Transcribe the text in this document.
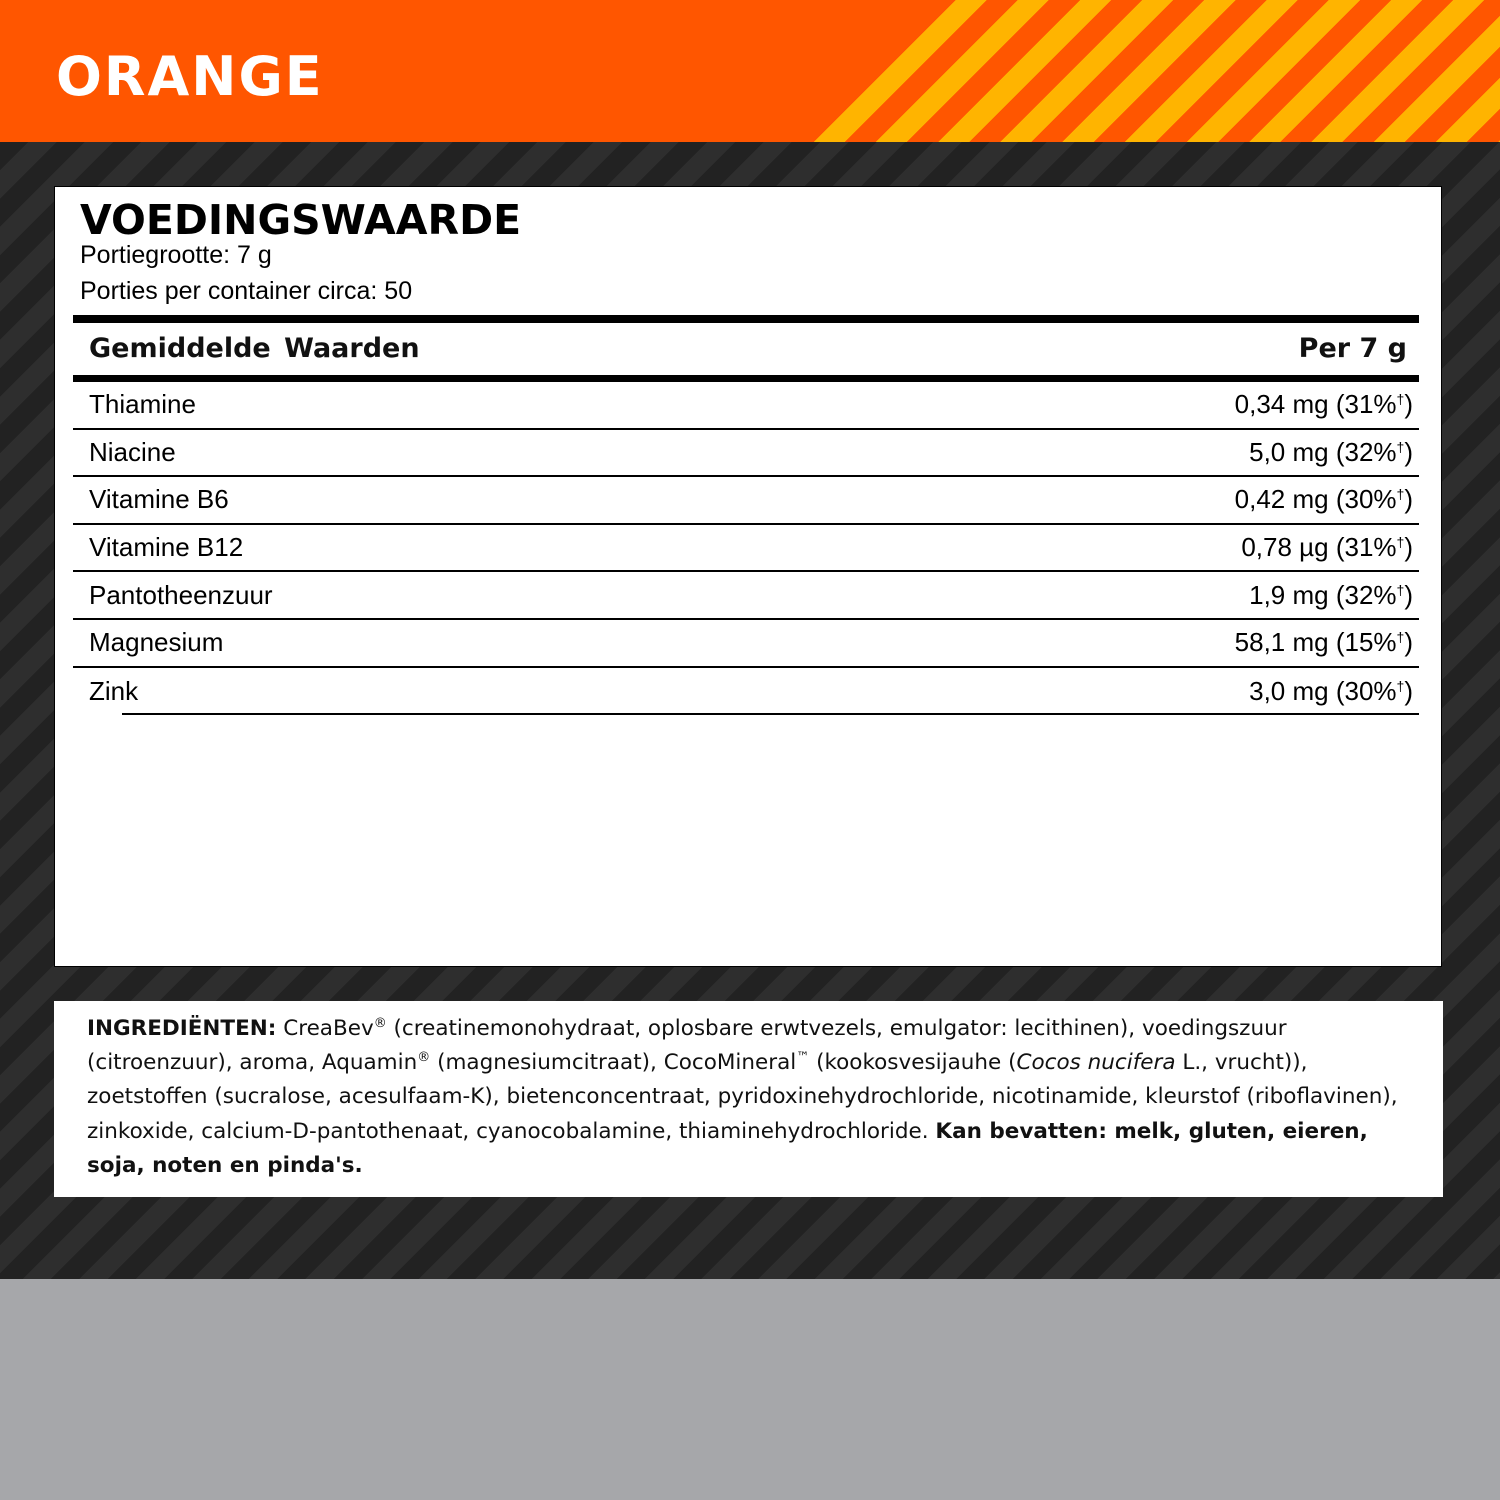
ORANGE
VOEDINGSWAARDE
Portiegrootte: 7 g
Porties per container circa: 50
Gemiddelde Waarden	Per 7 g
Thiamine	0,34 mg (31%†)
Niacine	5,0 mg (32%†)
Vitamine B6	0,42 mg (30%†)
Vitamine B12	0,78 µg (31%†)
Pantotheenzuur	1,9 mg (32%†)
Magnesium	58,1 mg (15%†)
Zink	3,0 mg (30%†)
INGREDIËNTEN: CreaBev® (creatinemonohydraat, oplosbare erwtvezels, emulgator: lecithinen), voedingszuur (citroenzuur), aroma, Aquamin® (magnesiumcitraat), CocoMineral™ (kookosvesijauhe (Cocos nucifera L., vrucht)), zoetstoffen (sucralose, acesulfaam-K), bietenconcentraat, pyridoxinehydrochloride, nicotinamide, kleurstof (riboflavinen), zinkoxide, calcium-D-pantothenaat, cyanocobalamine, thiaminehydrochloride. Kan bevatten: melk, gluten, eieren, soja, noten en pinda's.
